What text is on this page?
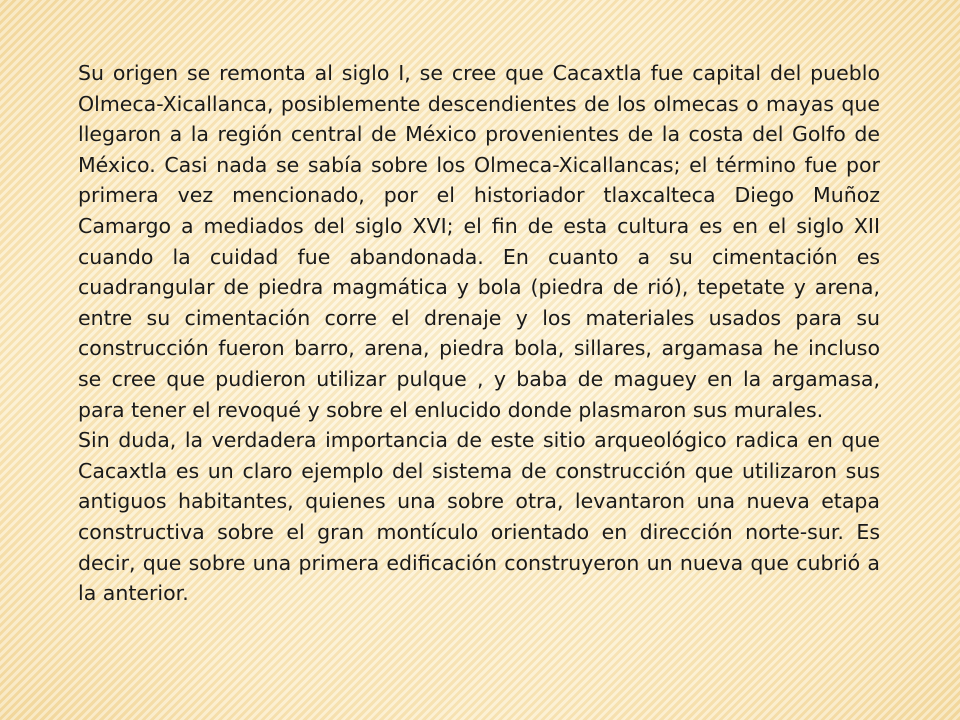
Su origen se remonta al siglo I, se cree que Cacaxtla fue capital del pueblo Olmeca-Xicallanca, posiblemente descendientes de los olmecas o mayas que llegaron a la región central de México provenientes de la costa del Golfo de México. Casi nada se sabía sobre los Olmeca-Xicallancas; el término fue por primera vez mencionado, por el historiador tlaxcalteca Diego Muñoz Camargo a mediados del siglo XVI; el fin de esta cultura es en el siglo XII cuando la cuidad fue abandonada. En cuanto a su cimentación es cuadrangular de piedra magmática y bola (piedra de rió), tepetate y arena, entre su cimentación corre el drenaje y los materiales usados para su construcción fueron barro, arena, piedra bola, sillares, argamasa he incluso se cree que pudieron utilizar pulque , y baba de maguey en la argamasa, para tener el revoqué y sobre el enlucido donde plasmaron sus murales.

Sin duda, la verdadera importancia de este sitio arqueológico radica en que Cacaxtla es un claro ejemplo del sistema de construcción que utilizaron sus antiguos habitantes, quienes una sobre otra, levantaron una nueva etapa constructiva sobre el gran montículo orientado en dirección norte-sur. Es decir, que sobre una primera edificación construyeron un nueva que cubrió a la anterior.
